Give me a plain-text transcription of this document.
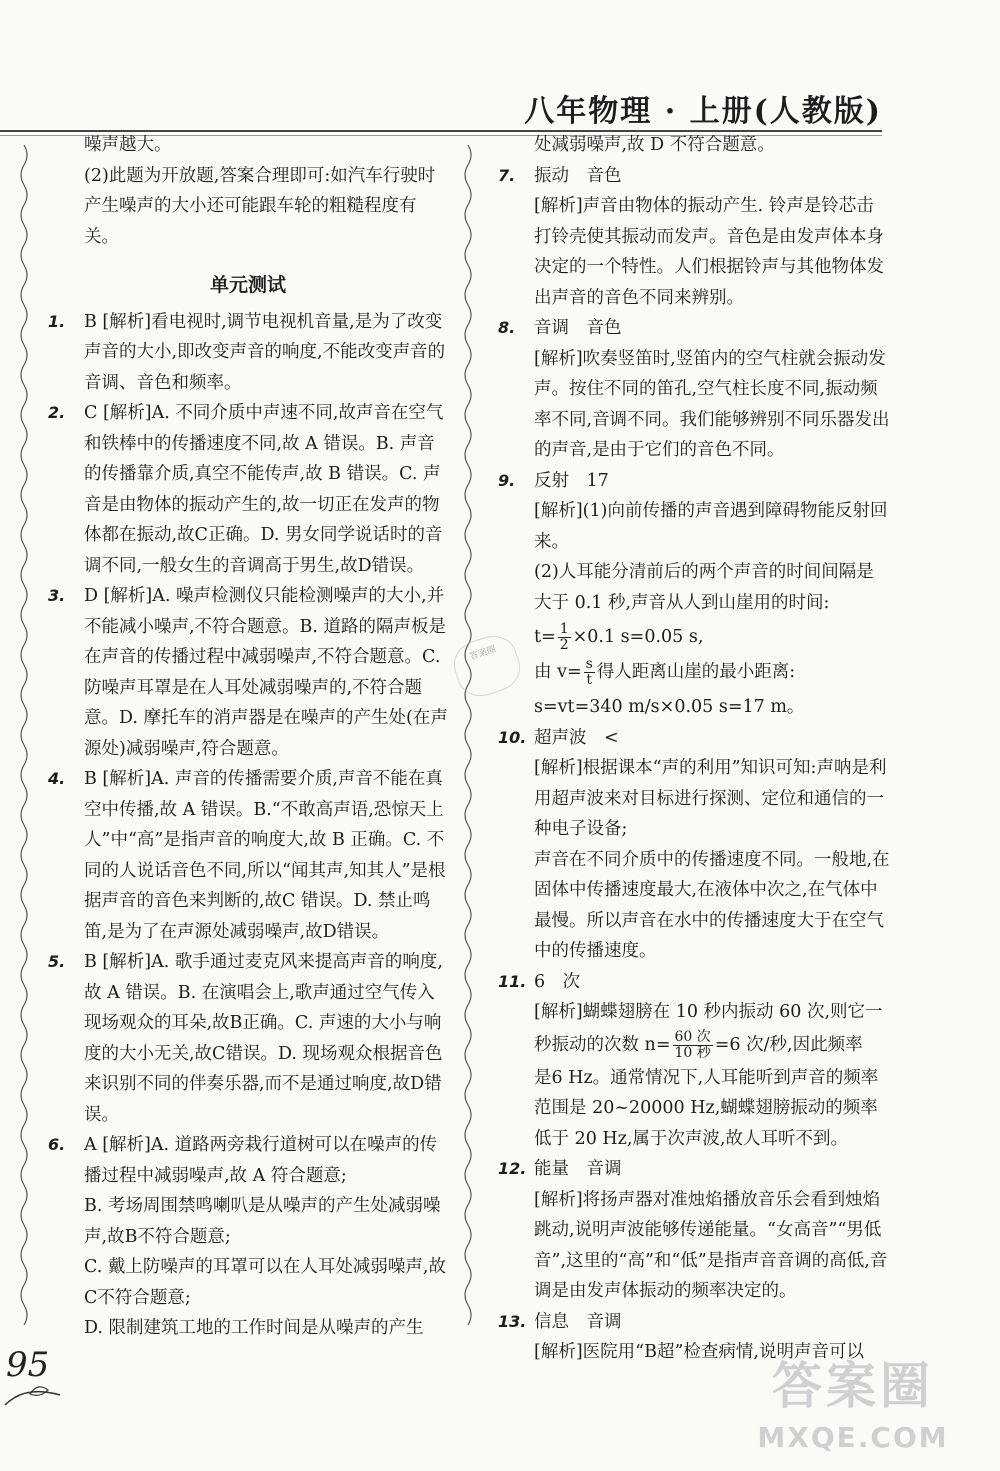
八年物理 · 上册(人教版)

噪声越大。

(2)此题为开放题,答案合理即可:如汽车行驶时产生噪声的大小还可能跟车轮的粗糙程度有关。

单元测试
1. B [解析]看电视时,调节电视机音量,是为了改变声音的大小,即改变声音的响度,不能改变声音的音调、音色和频率。
2. C [解析]A. 不同介质中声速不同,故声音在空气和铁棒中的传播速度不同,故 A 错误。B. 声音的传播靠介质,真空不能传声,故 B 错误。C. 声音是由物体的振动产生的,故一切正在发声的物体都在振动,故C正确。D. 男女同学说话时的音调不同,一般女生的音调高于男生,故D错误。
3. D [解析]A. 噪声检测仪只能检测噪声的大小,并不能减小噪声,不符合题意。B. 道路的隔声板是在声音的传播过程中减弱噪声,不符合题意。C. 防噪声耳罩是在人耳处减弱噪声的,不符合题意。D. 摩托车的消声器是在噪声的产生处(在声源处)减弱噪声,符合题意。
4. B [解析]A. 声音的传播需要介质,声音不能在真空中传播,故 A 错误。B.“不敢高声语,恐惊天上人”中“高”是指声音的响度大,故 B 正确。C. 不同的人说话音色不同,所以“闻其声,知其人”是根据声音的音色来判断的,故C 错误。D. 禁止鸣笛,是为了在声源处减弱噪声,故D错误。
5. B [解析]A. 歌手通过麦克风来提高声音的响度,故 A 错误。B. 在演唱会上,歌声通过空气传入现场观众的耳朵,故B正确。C. 声速的大小与响度的大小无关,故C错误。D. 现场观众根据音色来识别不同的伴奏乐器,而不是通过响度,故D错误。
6. A [解析]A. 道路两旁栽行道树可以在噪声的传播过程中减弱噪声,故 A 符合题意;
B. 考场周围禁鸣喇叭是从噪声的产生处减弱噪声,故B不符合题意;
C. 戴上防噪声的耳罩可以在人耳处减弱噪声,故C不符合题意;
D. 限制建筑工地的工作时间是从噪声的产生

处减弱噪声,故 D 不符合题意。

7. 振动　音色
[解析]声音由物体的振动产生. 铃声是铃芯击打铃壳使其振动而发声。音色是由发声体本身决定的一个特性。人们根据铃声与其他物体发出声音的音色不同来辨别。
8. 音调　音色
[解析]吹奏竖笛时,竖笛内的空气柱就会振动发声。按住不同的笛孔,空气柱长度不同,振动频率不同,音调不同。我们能够辨别不同乐器发出的声音,是由于它们的音色不同。
9. 反射　17
[解析](1)向前传播的声音遇到障碍物能反射回来。
(2)人耳能分清前后的两个声音的时间间隔是大于 0.1 秒,声音从人到山崖用的时间:
$t= \frac{1}{2} \times 0.1$ s=0.05 s,
由 $v= \frac{s}{t}$ 得人距离山崖的最小距离:
s=vt=340 m/s×0.05 s=17 m。
10. 超声波　<
[解析]根据课本“声的利用”知识可知:声呐是利用超声波来对目标进行探测、定位和通信的一种电子设备;
声音在不同介质中的传播速度不同。一般地,在固体中传播速度最大,在液体中次之,在气体中最慢。所以声音在水中的传播速度大于在空气中的传播速度。
11. 6　次
[解析]蝴蝶翅膀在 10 秒内振动 60 次,则它一
秒振动的次数 $n= \frac{\text{60 次}}{\text{10 秒}} =6$ 次/秒,因此频率
是6 Hz。通常情况下,人耳能听到声音的频率范围是 20~20000 Hz,蝴蝶翅膀振动的频率低于 20 Hz,属于次声波,故人耳听不到。
12. 能量　音调
[解析]将扬声器对准烛焰播放音乐会看到烛焰跳动,说明声波能够传递能量。“女高音”“男低音”,这里的“高”和“低”是指声音音调的高低,音调是由发声体振动的频率决定的。
13. 信息　音调
[解析]医院用“B超”检查病情,说明声音可以
答案圈
95	答案圈
MXQE.COM
